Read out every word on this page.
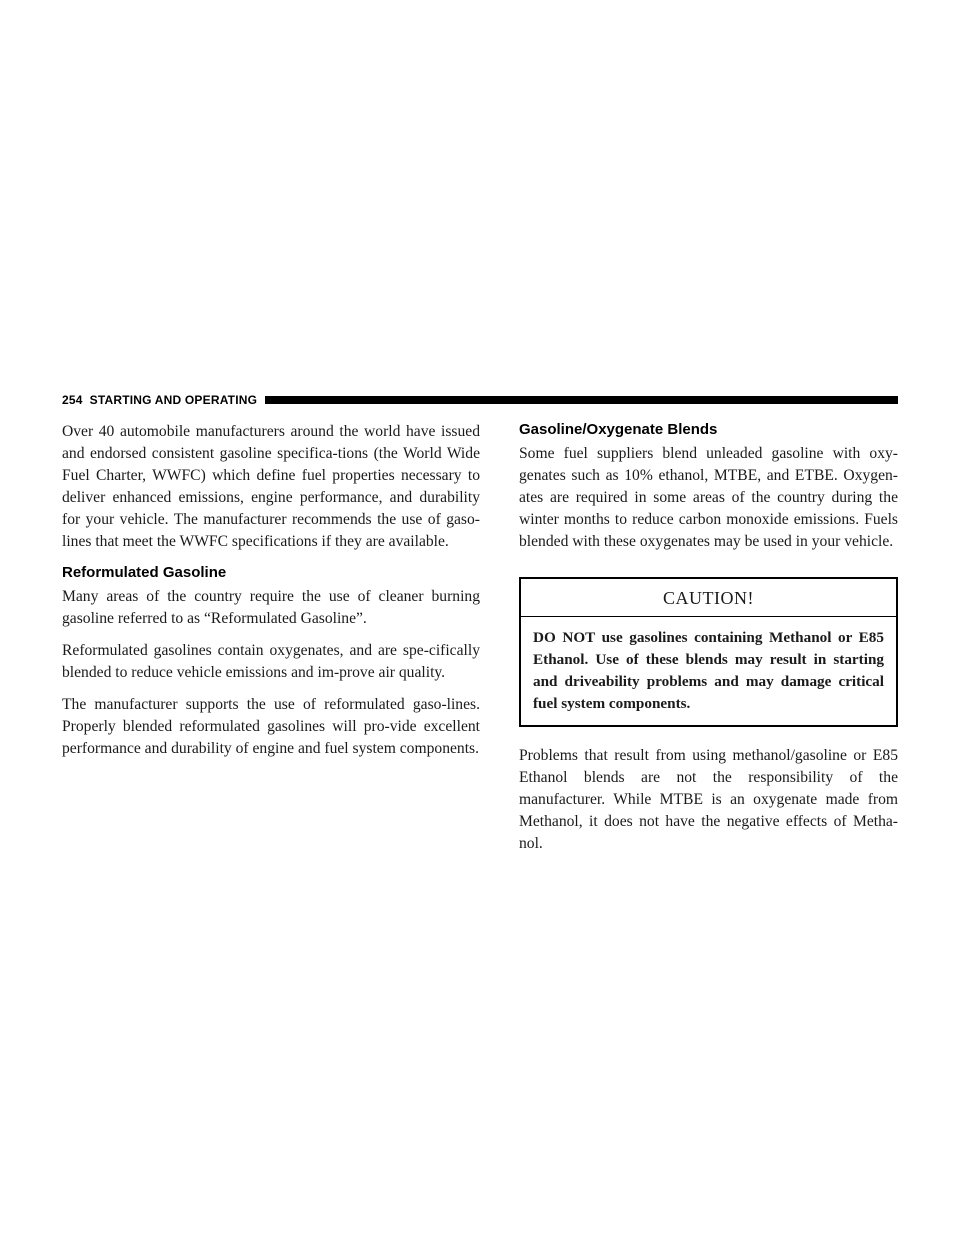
254 STARTING AND OPERATING

Over 40 automobile manufacturers around the world have issued and endorsed consistent gasoline specifica-tions (the World Wide Fuel Charter, WWFC) which define fuel properties necessary to deliver enhanced emissions, engine performance, and durability for your vehicle. The manufacturer recommends the use of gaso-lines that meet the WWFC specifications if they are available.

Reformulated Gasoline

Many areas of the country require the use of cleaner burning gasoline referred to as “Reformulated Gasoline”.

Reformulated gasolines contain oxygenates, and are spe-cifically blended to reduce vehicle emissions and im-prove air quality.

The manufacturer supports the use of reformulated gaso-lines. Properly blended reformulated gasolines will pro-vide excellent performance and durability of engine and fuel system components.

Gasoline/Oxygenate Blends

Some fuel suppliers blend unleaded gasoline with oxy-genates such as 10% ethanol, MTBE, and ETBE. Oxygen-ates are required in some areas of the country during the winter months to reduce carbon monoxide emissions. Fuels blended with these oxygenates may be used in your vehicle.

CAUTION!
DO NOT use gasolines containing Methanol or E85 Ethanol. Use of these blends may result in starting and driveability problems and may damage critical fuel system components.

Problems that result from using methanol/gasoline or E85 Ethanol blends are not the responsibility of the manufacturer. While MTBE is an oxygenate made from Methanol, it does not have the negative effects of Metha-nol.
